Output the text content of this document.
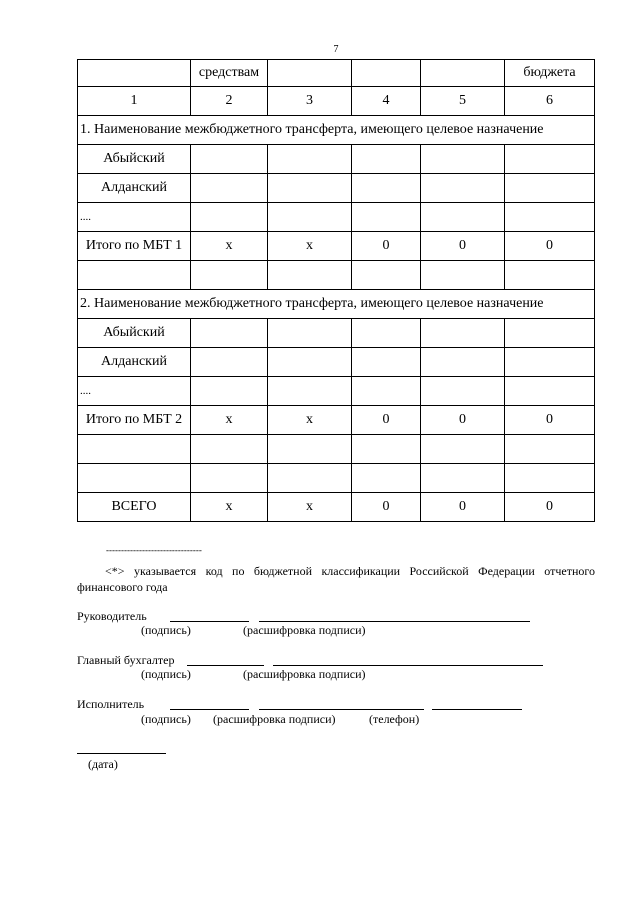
7
	средствам				бюджета
1	2	3	4	5	6
1. Наименование межбюджетного трансферта, имеющего целевое назначение					
Абыйский					
Алданский					
....					
Итого по МБТ 1	x	x	0	0	0

2. Наименование межбюджетного трансферта, имеющего целевое назначение					
Абыйский					
Алданский					
....					
Итого по МБТ 2	x	x	0	0	0

ВСЕГО	x	x	0	0	0
--------------------------------
<*> указывается код по бюджетной классификации Российской Федерации отчетного финансового года
Руководитель
(подпись)	(расшифровка подписи)
Главный бухгалтер
(подпись)	(расшифровка подписи)
Исполнитель
(подпись) (расшифровка подписи)	(телефон)
(дата)
